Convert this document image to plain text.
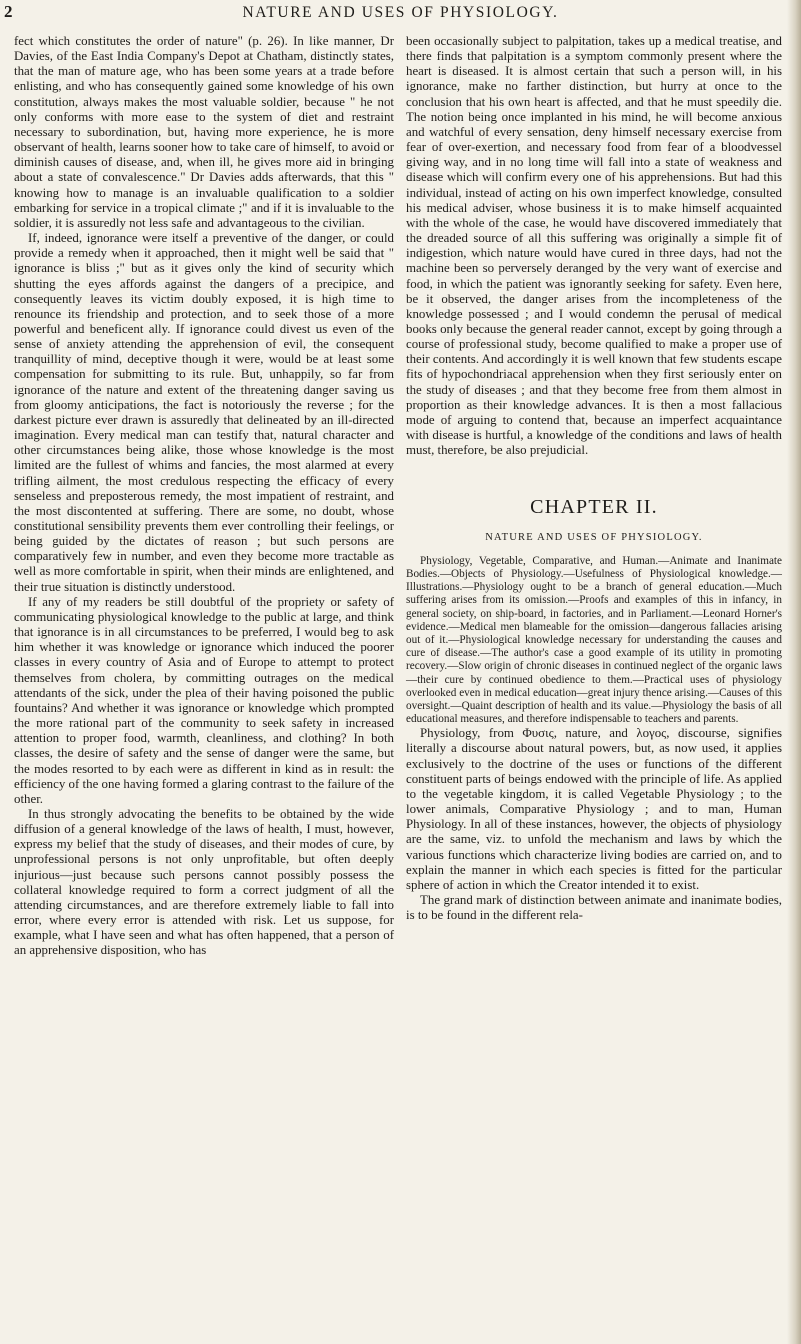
2	NATURE AND USES OF PHYSIOLOGY.

fect which constitutes the order of nature" (p. 26). In like manner, Dr Davies, of the East India Company's Depot at Chatham, distinctly states, that the man of mature age, who has been some years at a trade before enlisting, and who has consequently gained some knowledge of his own constitution, always makes the most valuable soldier, because " he not only conforms with more ease to the system of diet and restraint necessary to subordination, but, having more experience, he is more observant of health, learns sooner how to take care of himself, to avoid or diminish causes of disease, and, when ill, he gives more aid in bringing about a state of convalescence." Dr Davies adds afterwards, that this " knowing how to manage is an invaluable qualification to a soldier embarking for service in a tropical climate ;" and if it is invaluable to the soldier, it is assuredly not less safe and advantageous to the civilian.

If, indeed, ignorance were itself a preventive of the danger, or could provide a remedy when it approached, then it might well be said that " ignorance is bliss ;" but as it gives only the kind of security which shutting the eyes affords against the dangers of a precipice, and consequently leaves its victim doubly exposed, it is high time to renounce its friendship and protection, and to seek those of a more powerful and beneficent ally. If ignorance could divest us even of the sense of anxiety attending the apprehension of evil, the consequent tranquillity of mind, deceptive though it were, would be at least some compensation for submitting to its rule. But, unhappily, so far from ignorance of the nature and extent of the threatening danger saving us from gloomy anticipations, the fact is notoriously the reverse ; for the darkest picture ever drawn is assuredly that delineated by an ill-directed imagination. Every medical man can testify that, natural character and other circumstances being alike, those whose knowledge is the most limited are the fullest of whims and fancies, the most alarmed at every trifling ailment, the most credulous respecting the efficacy of every senseless and preposterous remedy, the most impatient of restraint, and the most discontented at suffering. There are some, no doubt, whose constitutional sensibility prevents them ever controlling their feelings, or being guided by the dictates of reason ; but such persons are comparatively few in number, and even they become more tractable as well as more comfortable in spirit, when their minds are enlightened, and their true situation is distinctly understood.

If any of my readers be still doubtful of the propriety or safety of communicating physiological knowledge to the public at large, and think that ignorance is in all circumstances to be preferred, I would beg to ask him whether it was knowledge or ignorance which induced the poorer classes in every country of Asia and of Europe to attempt to protect themselves from cholera, by committing outrages on the medical attendants of the sick, under the plea of their having poisoned the public fountains? And whether it was ignorance or knowledge which prompted the more rational part of the community to seek safety in increased attention to proper food, warmth, cleanliness, and clothing? In both classes, the desire of safety and the sense of danger were the same, but the modes resorted to by each were as different in kind as in result: the efficiency of the one having formed a glaring contrast to the failure of the other.

In thus strongly advocating the benefits to be obtained by the wide diffusion of a general knowledge of the laws of health, I must, however, express my belief that the study of diseases, and their modes of cure, by unprofessional persons is not only unprofitable, but often deeply injurious—just because such persons cannot possibly possess the collateral knowledge required to form a correct judgment of all the attending circumstances, and are therefore extremely liable to fall into error, where every error is attended with risk. Let us suppose, for example, what I have seen and what has often happened, that a person of an apprehensive disposition, who has

been occasionally subject to palpitation, takes up a medical treatise, and there finds that palpitation is a symptom commonly present where the heart is diseased. It is almost certain that such a person will, in his ignorance, make no farther distinction, but hurry at once to the conclusion that his own heart is affected, and that he must speedily die. The notion being once implanted in his mind, he will become anxious and watchful of every sensation, deny himself necessary exercise from fear of over-exertion, and necessary food from fear of a bloodvessel giving way, and in no long time will fall into a state of weakness and disease which will confirm every one of his apprehensions. But had this individual, instead of acting on his own imperfect knowledge, consulted his medical adviser, whose business it is to make himself acquainted with the whole of the case, he would have discovered immediately that the dreaded source of all this suffering was originally a simple fit of indigestion, which nature would have cured in three days, had not the machine been so perversely deranged by the very want of exercise and food, in which the patient was ignorantly seeking for safety. Even here, be it observed, the danger arises from the incompleteness of the knowledge possessed ; and I would condemn the perusal of medical books only because the general reader cannot, except by going through a course of professional study, become qualified to make a proper use of their contents. And accordingly it is well known that few students escape fits of hypochondriacal apprehension when they first seriously enter on the study of diseases ; and that they become free from them almost in proportion as their knowledge advances. It is then a most fallacious mode of arguing to contend that, because an imperfect acquaintance with disease is hurtful, a knowledge of the conditions and laws of health must, therefore, be also prejudicial.

CHAPTER II.
NATURE AND USES OF PHYSIOLOGY.

Physiology, Vegetable, Comparative, and Human.—Animate and Inanimate Bodies.—Objects of Physiology.—Usefulness of Physiological knowledge.—Illustrations.—Physiology ought to be a branch of general education.—Much suffering arises from its omission.—Proofs and examples of this in infancy, in general society, on ship-board, in factories, and in Parliament.—Leonard Horner's evidence.—Medical men blameable for the omission—dangerous fallacies arising out of it.—Physiological knowledge necessary for understanding the causes and cure of disease.—The author's case a good example of its utility in promoting recovery.—Slow origin of chronic diseases in continued neglect of the organic laws—their cure by continued obedience to them.—Practical uses of physiology overlooked even in medical education—great injury thence arising.—Causes of this oversight.—Quaint description of health and its value.—Physiology the basis of all educational measures, and therefore indispensable to teachers and parents.

Physiology, from Φυσις, nature, and λογος, discourse, signifies literally a discourse about natural powers, but, as now used, it applies exclusively to the doctrine of the uses or functions of the different constituent parts of beings endowed with the principle of life. As applied to the vegetable kingdom, it is called Vegetable Physiology ; to the lower animals, Comparative Physiology ; and to man, Human Physiology. In all of these instances, however, the objects of physiology are the same, viz. to unfold the mechanism and laws by which the various functions which characterize living bodies are carried on, and to explain the manner in which each species is fitted for the particular sphere of action in which the Creator intended it to exist.

The grand mark of distinction between animate and inanimate bodies, is to be found in the different rela-
